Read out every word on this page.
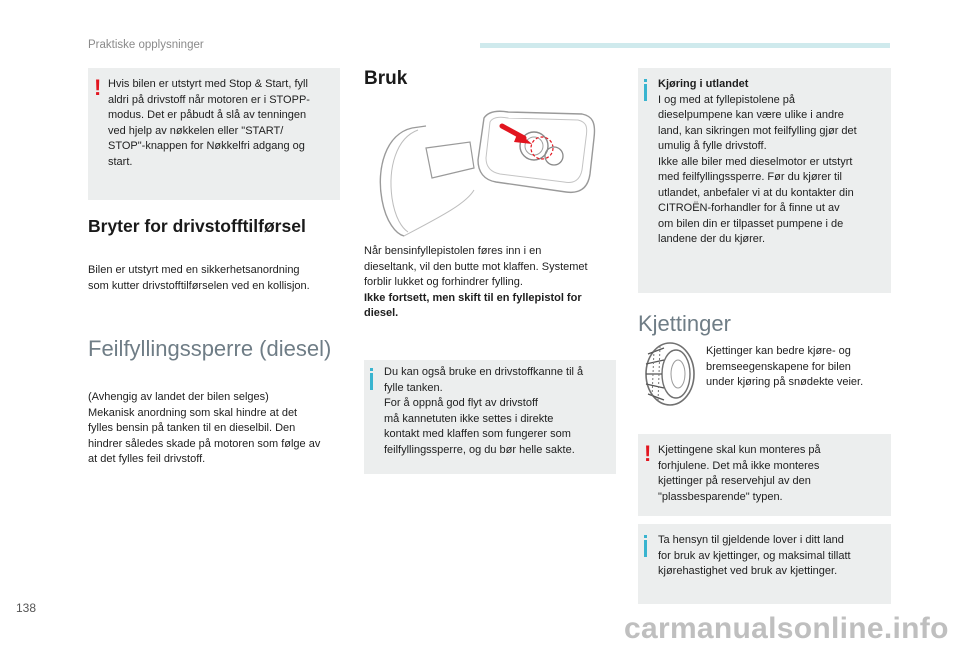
Praktiske opplysninger
! Hvis bilen er utstyrt med Stop & Start, fyll

aldri på drivstoff når motoren er i STOPP-

modus. Det er påbudt å slå av tenningen

ved hjelp av nøkkelen eller "START/

STOP"-knappen for Nøkkelfri adgang og

start.

Bryter for drivstofftilførsel

Bilen er utstyrt med en sikkerhetsanordning

som kutter drivstofftilførselen ved en kollisjon.

Feilfyllingssperre (diesel)

(Avhengig av landet der bilen selges)

Mekanisk anordning som skal hindre at det

fylles bensin på tanken til en dieselbil. Den

hindrer således skade på motoren som følge av

at det fylles feil drivstoff.

Bruk

Når bensinfyllepistolen føres inn i en

dieseltank, vil den butte mot klaffen. Systemet

forblir lukket og forhindrer fylling.

Ikke fortsett, men skift til en fyllepistol for

diesel.

Du kan også bruke en drivstoffkanne til å

fylle tanken.

For å oppnå god flyt av drivstoff

må kannetuten ikke settes i direkte

kontakt med klaffen som fungerer som

feilfyllingssperre, og du bør helle sakte.

Kjøring i utlandet

I og med at fyllepistolene på

dieselpumpene kan være ulike i andre

land, kan sikringen mot feilfylling gjør det

umulig å fylle drivstoff.

Ikke alle biler med dieselmotor er utstyrt

med feilfyllingssperre. Før du kjører til

utlandet, anbefaler vi at du kontakter din

CITROËN-forhandler for å finne ut av

om bilen din er tilpasset pumpene i de

landene der du kjører.

Kjettinger

Kjettinger kan bedre kjøre- og

bremseegenskapene for bilen

under kjøring på snødekte veier.

! Kjettingene skal kun monteres på

forhjulene. Det må ikke monteres

kjettinger på reservehjul av den

"plassbesparende" typen.

Ta hensyn til gjeldende lover i ditt land

for bruk av kjettinger, og maksimal tillatt

kjørehastighet ved bruk av kjettinger.

138
carmanualsonline.info
